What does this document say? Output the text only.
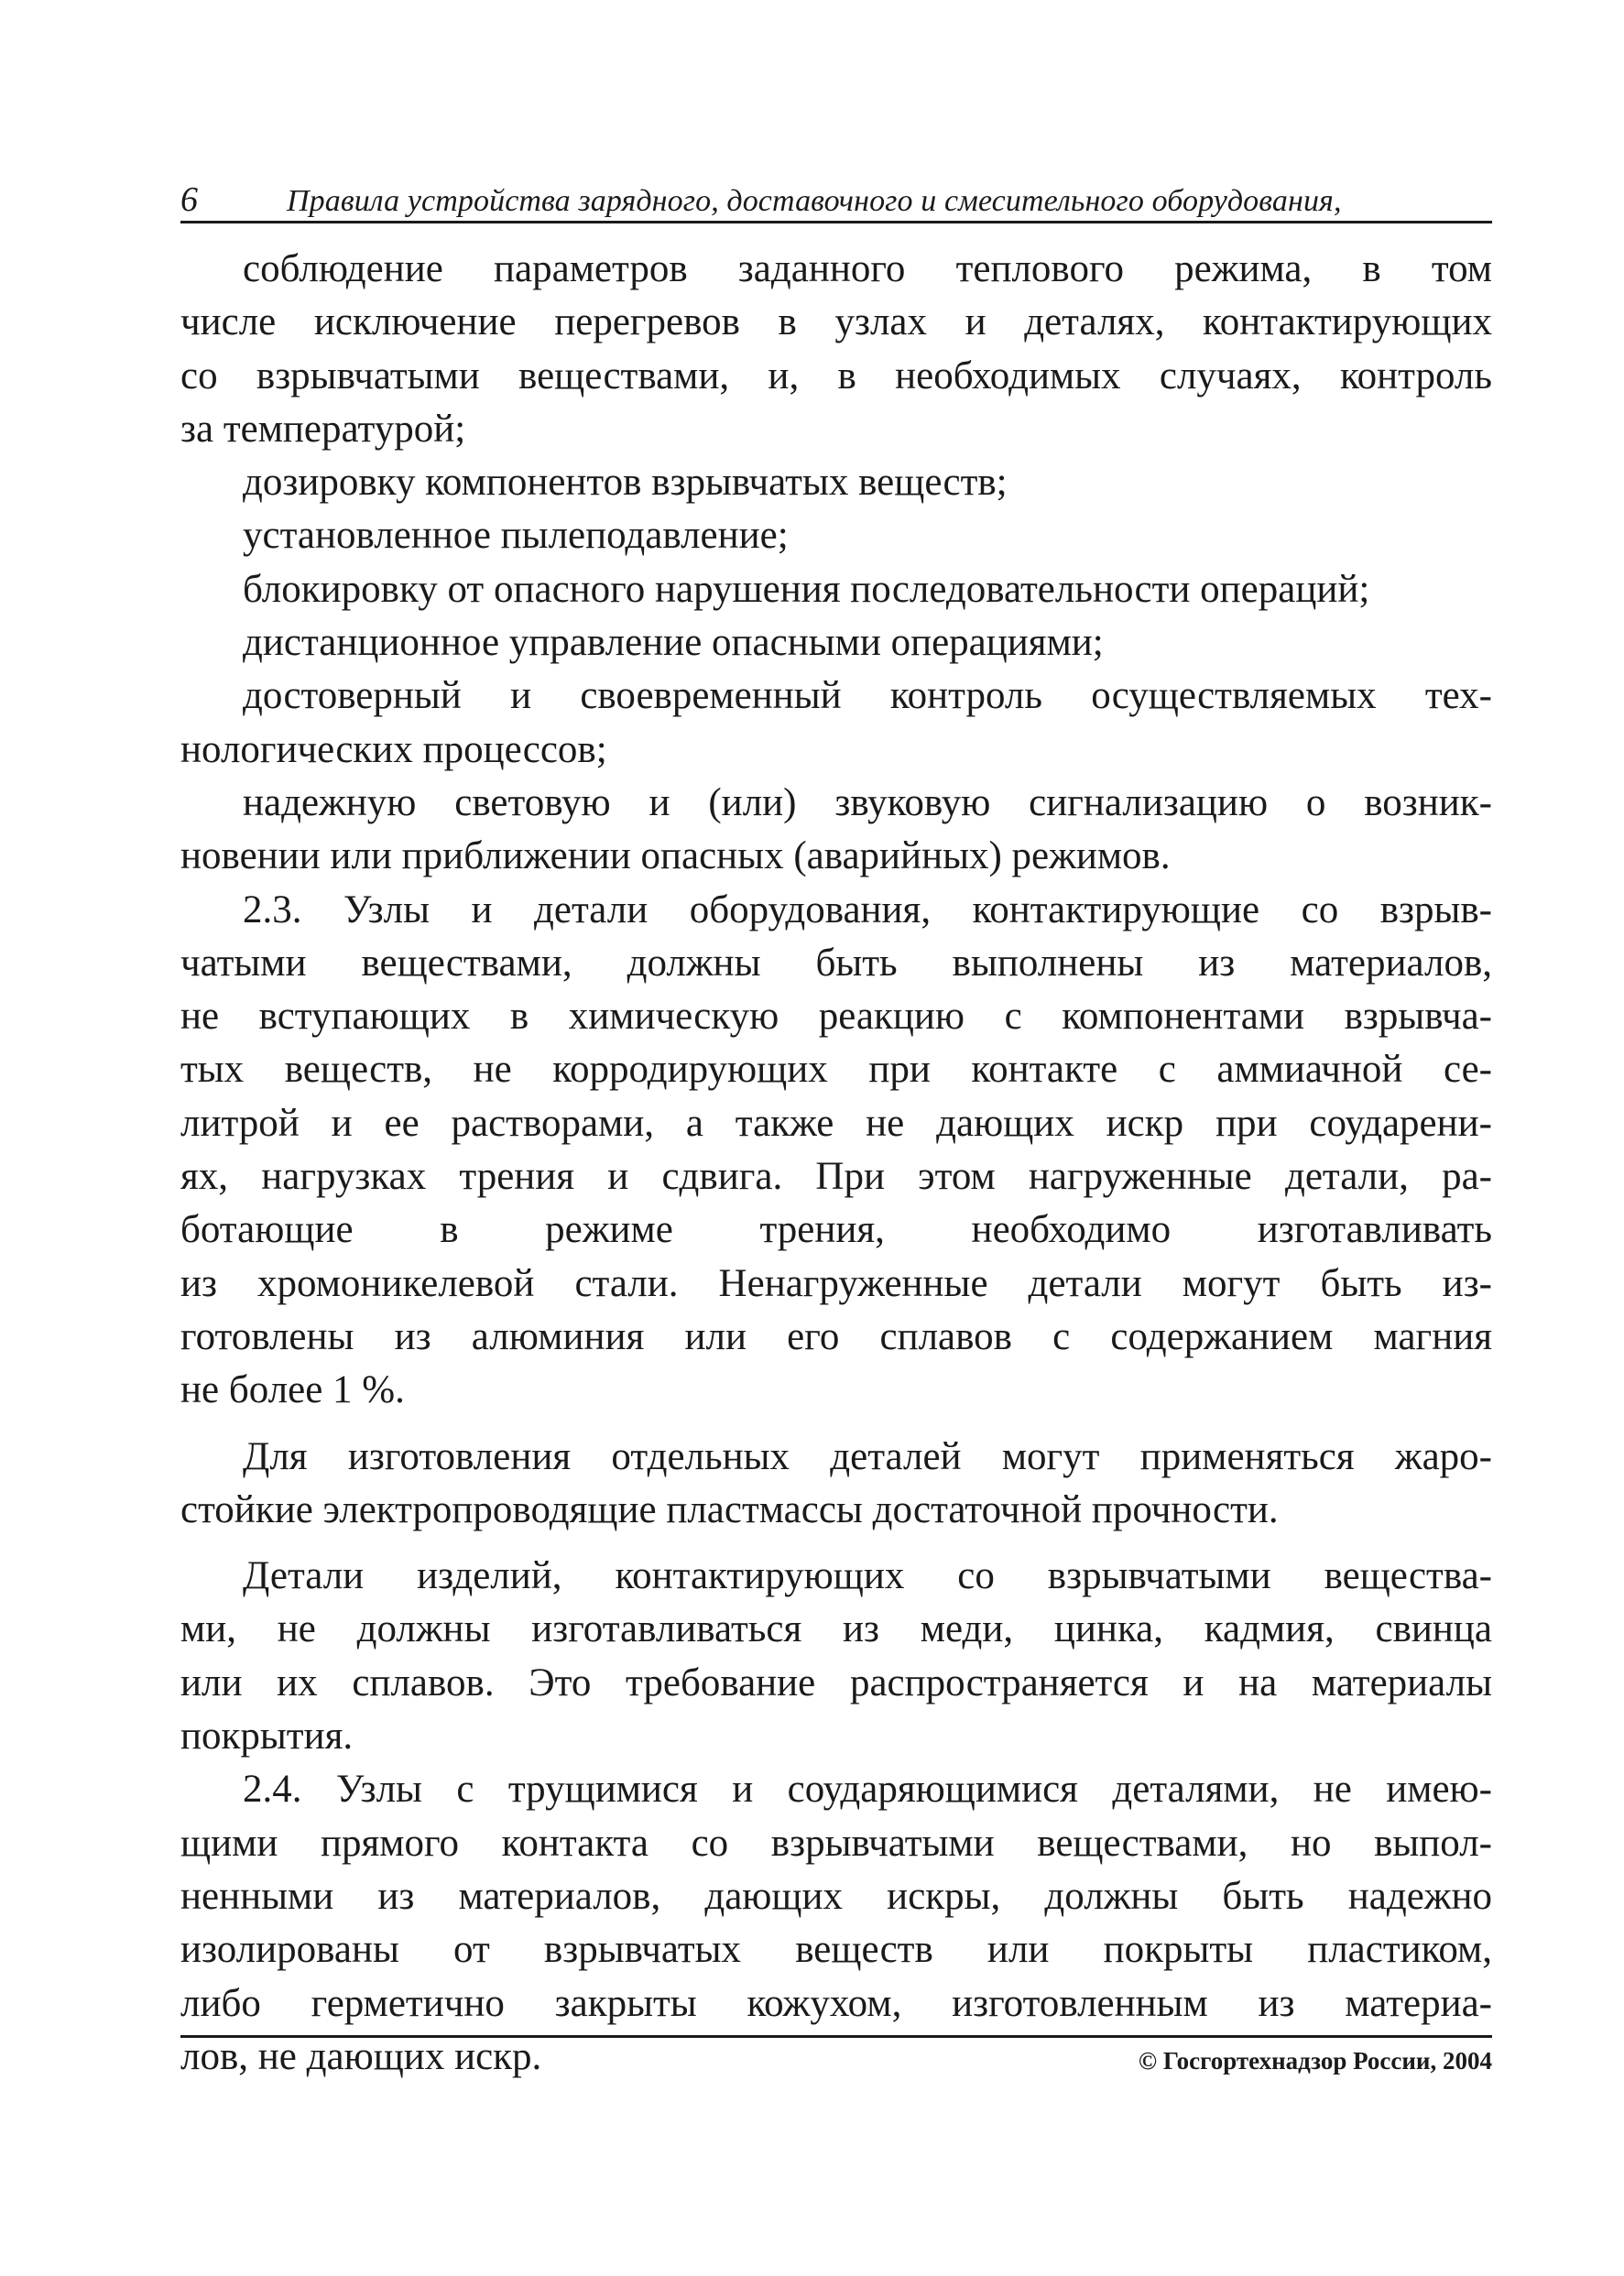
6	Правила устройства зарядного, доставочного и смесительного оборудования,
соблюдение параметров заданного теплового режима, в том
числе исключение перегревов в узлах и деталях, контактирующих
со взрывчатыми веществами, и, в необходимых случаях, контроль
за температурой;
дозировку компонентов взрывчатых веществ;
установленное пылеподавление;
блокировку от опасного нарушения последовательности операций;
дистанционное управление опасными операциями;
достоверный и своевременный контроль осуществляемых тех-
нологических процессов;
надежную световую и (или) звуковую сигнализацию о возник-
новении или приближении опасных (аварийных) режимов.
2.3. Узлы и детали оборудования, контактирующие со взрыв-
чатыми веществами, должны быть выполнены из материалов,
не вступающих в химическую реакцию с компонентами взрывча-
тых веществ, не корродирующих при контакте с аммиачной се-
литрой и ее растворами, а также не дающих искр при соударени-
ях, нагрузках трения и сдвига. При этом нагруженные детали, ра-
ботающие в режиме трения, необходимо изготавливать
из хромоникелевой стали. Ненагруженные детали могут быть из-
готовлены из алюминия или его сплавов с содержанием магния
не более 1 %.
Для изготовления отдельных деталей могут применяться жаро-
стойкие электропроводящие пластмассы достаточной прочности.
Детали изделий, контактирующих со взрывчатыми вещества-
ми, не должны изготавливаться из меди, цинка, кадмия, свинца
или их сплавов. Это требование распространяется и на материалы
покрытия.
2.4. Узлы с трущимися и соударяющимися деталями, не имею-
щими прямого контакта со взрывчатыми веществами, но выпол-
ненными из материалов, дающих искры, должны быть надежно
изолированы от взрывчатых веществ или покрыты пластиком,
либо герметично закрыты кожухом, изготовленным из материа-
лов, не дающих искр.	© Госгортехнадзор России, 2004
